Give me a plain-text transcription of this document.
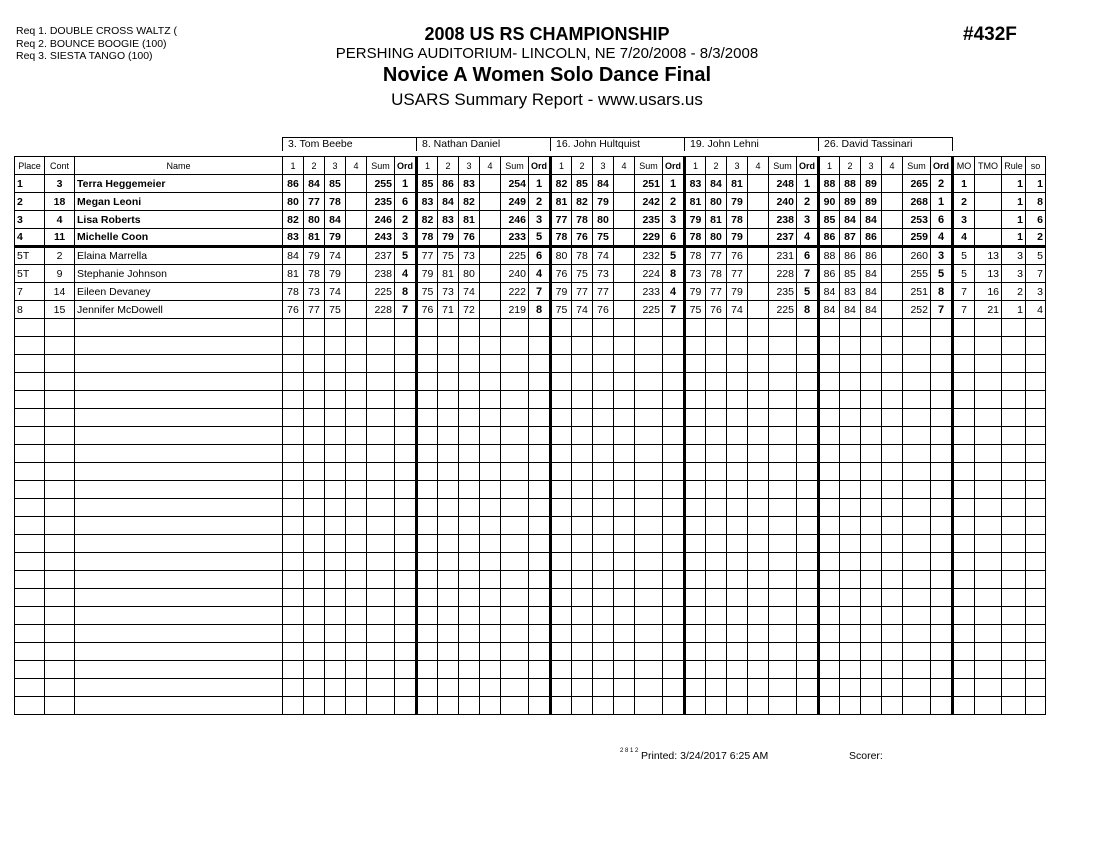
Req 1. DOUBLE CROSS WALTZ (
Req 2. BOUNCE BOOGIE (100)
Req 3. SIESTA TANGO (100)
2008 US RS CHAMPIONSHIP
PERSHING AUDITORIUM- LINCOLN, NE 7/20/2008 - 8/3/2008
Novice A Women Solo Dance Final
USARS Summary Report - www.usars.us
#432F
			3. Tom Beebe						8. Nathan Daniel						16. John Hultquist						19. John Lehni						26. David Tassinari									

Place	Cont	Name	1	2	3	4	Sum	Ord	1	2	3	4	Sum	Ord	1	2	3	4	Sum	Ord	1	2	3	4	Sum	Ord	1	2	3	4	Sum	Ord	MO	TMO	Rule	so
1	3	Terra Heggemeier	86	84	85		255	1	85	86	83		254	1	82	85	84		251	1	83	84	81		248	1	88	88	89		265	2	1		1	1
2	18	Megan Leoni	80	77	78		235	6	83	84	82		249	2	81	82	79		242	2	81	80	79		240	2	90	89	89		268	1	2		1	8
3	4	Lisa Roberts	82	80	84		246	2	82	83	81		246	3	77	78	80		235	3	79	81	78		238	3	85	84	84		253	6	3		1	6
4	11	Michelle Coon	83	81	79		243	3	78	79	76		233	5	78	76	75		229	6	78	80	79		237	4	86	87	86		259	4	4		1	2
5T	2	Elaina Marrella	84	79	74		237	5	77	75	73		225	6	80	78	74		232	5	78	77	76		231	6	88	86	86		260	3	5	13	3	5
5T	9	Stephanie Johnson	81	78	79		238	4	79	81	80		240	4	76	75	73		224	8	73	78	77		228	7	86	85	84		255	5	5	13	3	7
7	14	Eileen Devaney	78	73	74		225	8	75	73	74		222	7	79	77	77		233	4	79	77	79		235	5	84	83	84		251	8	7	16	2	3
8	15	Jennifer McDowell	76	77	75		228	7	76	71	72		219	8	75	74	76		225	7	75	76	74		225	8	84	84	84		252	7	7	21	1	4

2 8 1 2 Printed: 3/24/2017 6:25 AM	Scorer:
